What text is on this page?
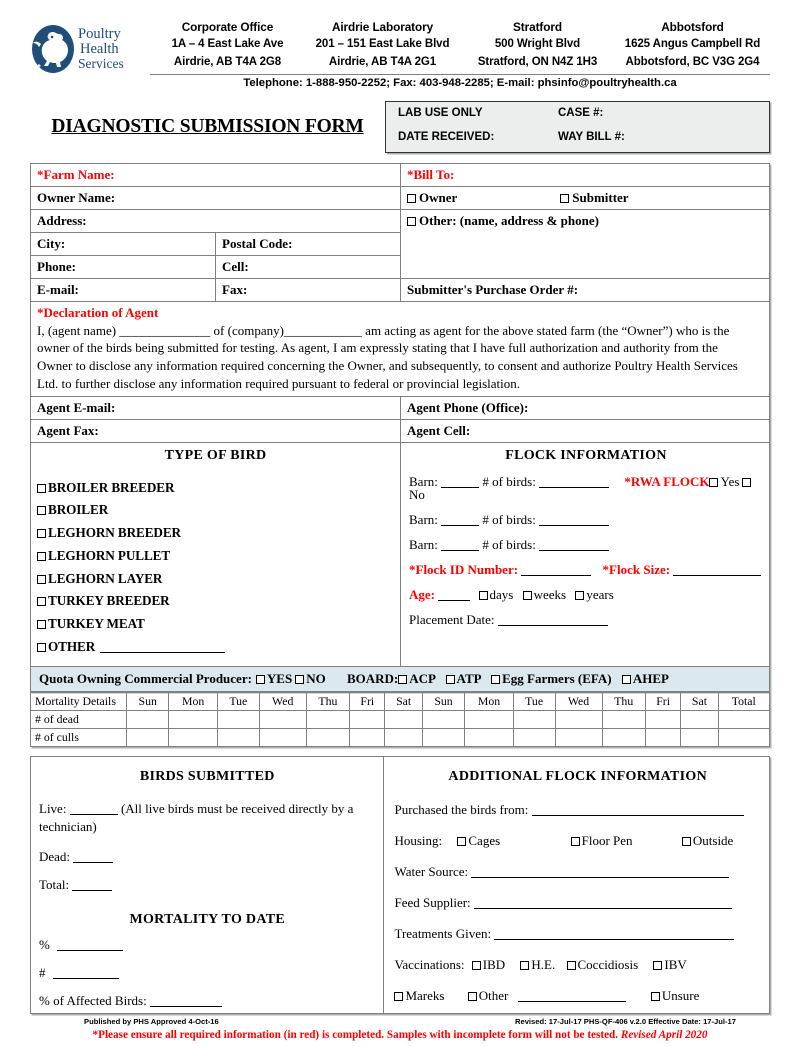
Poultry
Health
Services
Corporate Office
1A – 4 East Lake Ave
Airdrie, AB T4A 2G8
Airdrie Laboratory
201 – 151 East Lake Blvd
Airdrie, AB T4A 2G1
Stratford
500 Wright Blvd
Stratford, ON N4Z 1H3
Abbotsford
1625 Angus Campbell Rd
Abbotsford, BC V3G 2G4
Telephone: 1-888-950-2252; Fax: 403-948-2285; E-mail: phsinfo@poultryhealth.ca
DIAGNOSTIC SUBMISSION FORM
LAB USE ONLY	CASE #:
DATE RECEIVED:	WAY BILL #:
*Farm Name:		*Bill To:
Owner Name:		Owner Submitter
Address:		Other: (name, address & phone)
City:	Postal Code:	
Phone:	Cell:	
E-mail:	Fax:	Submitter's Purchase Order #:

*Declaration of Agent

I, (agent name) ______________ of (company)____________ am acting as agent for the above stated farm (the “Owner”) who is the

owner of the birds being submitted for testing. As agent, I am expressly stating that I have full authorization and authority from the

Owner to disclose any information required concerning the Owner, and subsequently, to consent and authorize Poultry Health Services

Ltd. to further disclose any information required pursuant to federal or provincial legislation.		

Agent E-mail:		Agent Phone (Office):
Agent Fax:		Agent Cell:

TYPE OF BIRD
BROILER BREEDER
BROILER
LEGHORN BREEDER
LEGHORN PULLET
LEGHORN LAYER
TURKEY BREEDER
TURKEY MEAT
OTHER

FLOCK INFORMATION
Barn:	# of birds:	*RWA FLOCK YesNo
Barn:	# of birds:
Barn:	# of birds:
*Flock ID Number:	*Flock Size:
Age:	days weeks years
Placement Date:

Quota Owning Commercial Producer: YES NO BOARD: ACP ATP Egg Farmers (EFA) AHEP		
Mortality Details	Sun	Mon	Tue	Wed	Thu	Fri	Sat	Sun	Mon	Tue	Wed	Thu	Fri	Sat	Total
# of dead															
# of culls															
BIRDS SUBMITTED
Live:	(All live birds must be received directly by a technician)
Dead:
Total:
MORTALITY TO DATE
%
#
% of Affected Birds:

ADDITIONAL FLOCK INFORMATION
Purchased the birds from:
Housing: Cages	Floor Pen	Outside
Water Source:
Feed Supplier:
Treatments Given:
Vaccinations: IBD H.E. Coccidiosis IBV
Mareks	Other	Unsure
Published by PHS Approved 4-Oct-16	Revised: 17-Jul-17 PHS-QF-406 v.2.0 Effective Date: 17-Jul-17
*Please ensure all required information (in red) is completed. Samples with incomplete form will not be tested. Revised April 2020
